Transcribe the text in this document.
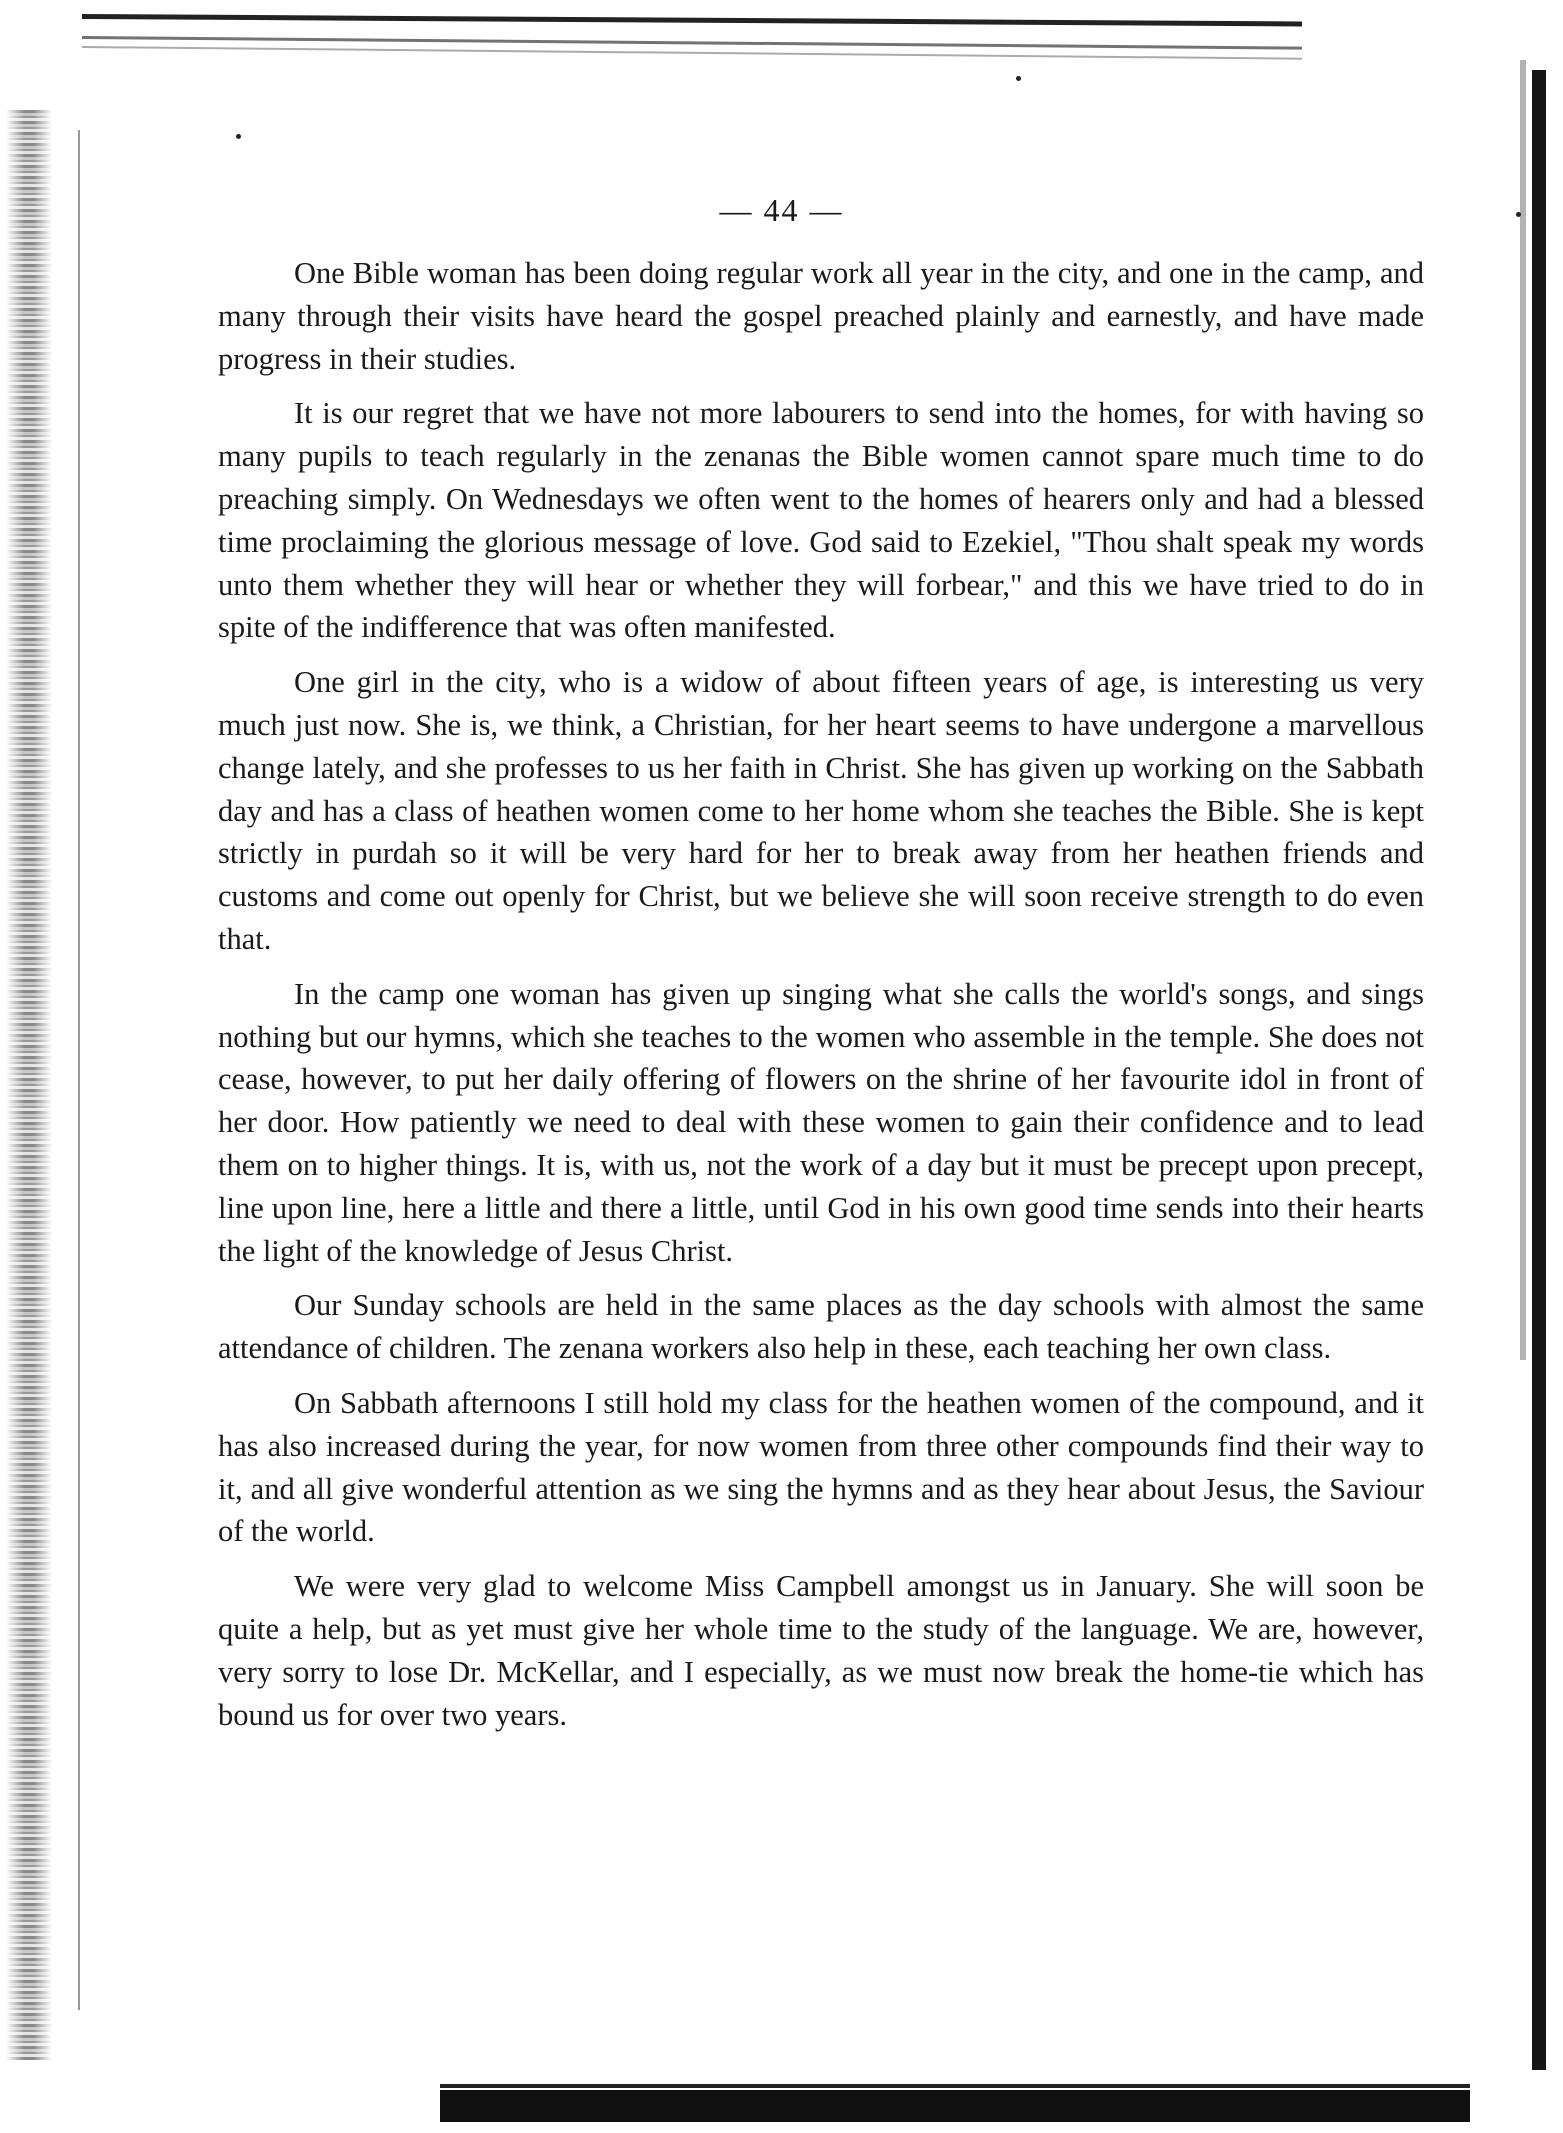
— 44 —

One Bible woman has been doing regular work all year in the city, and one in the camp, and many through their visits have heard the gospel preached plainly and earnestly, and have made progress in their studies.

It is our regret that we have not more labourers to send into the homes, for with having so many pupils to teach regularly in the zenanas the Bible women cannot spare much time to do preaching simply. On Wednesdays we often went to the homes of hearers only and had a blessed time proclaiming the glorious message of love. God said to Ezekiel, "Thou shalt speak my words unto them whether they will hear or whether they will forbear," and this we have tried to do in spite of the indifference that was often manifested.

One girl in the city, who is a widow of about fifteen years of age, is interesting us very much just now. She is, we think, a Christian, for her heart seems to have undergone a marvellous change lately, and she professes to us her faith in Christ. She has given up working on the Sabbath day and has a class of heathen women come to her home whom she teaches the Bible. She is kept strictly in purdah so it will be very hard for her to break away from her heathen friends and customs and come out openly for Christ, but we believe she will soon receive strength to do even that.

In the camp one woman has given up singing what she calls the world's songs, and sings nothing but our hymns, which she teaches to the women who assemble in the temple. She does not cease, however, to put her daily offering of flowers on the shrine of her favourite idol in front of her door. How patiently we need to deal with these women to gain their confidence and to lead them on to higher things. It is, with us, not the work of a day but it must be precept upon precept, line upon line, here a little and there a little, until God in his own good time sends into their hearts the light of the knowledge of Jesus Christ.

Our Sunday schools are held in the same places as the day schools with almost the same attendance of children. The zenana workers also help in these, each teaching her own class.

On Sabbath afternoons I still hold my class for the heathen women of the compound, and it has also increased during the year, for now women from three other compounds find their way to it, and all give wonderful attention as we sing the hymns and as they hear about Jesus, the Saviour of the world.

We were very glad to welcome Miss Campbell amongst us in January. She will soon be quite a help, but as yet must give her whole time to the study of the language. We are, however, very sorry to lose Dr. McKellar, and I especially, as we must now break the home-tie which has bound us for over two years.
